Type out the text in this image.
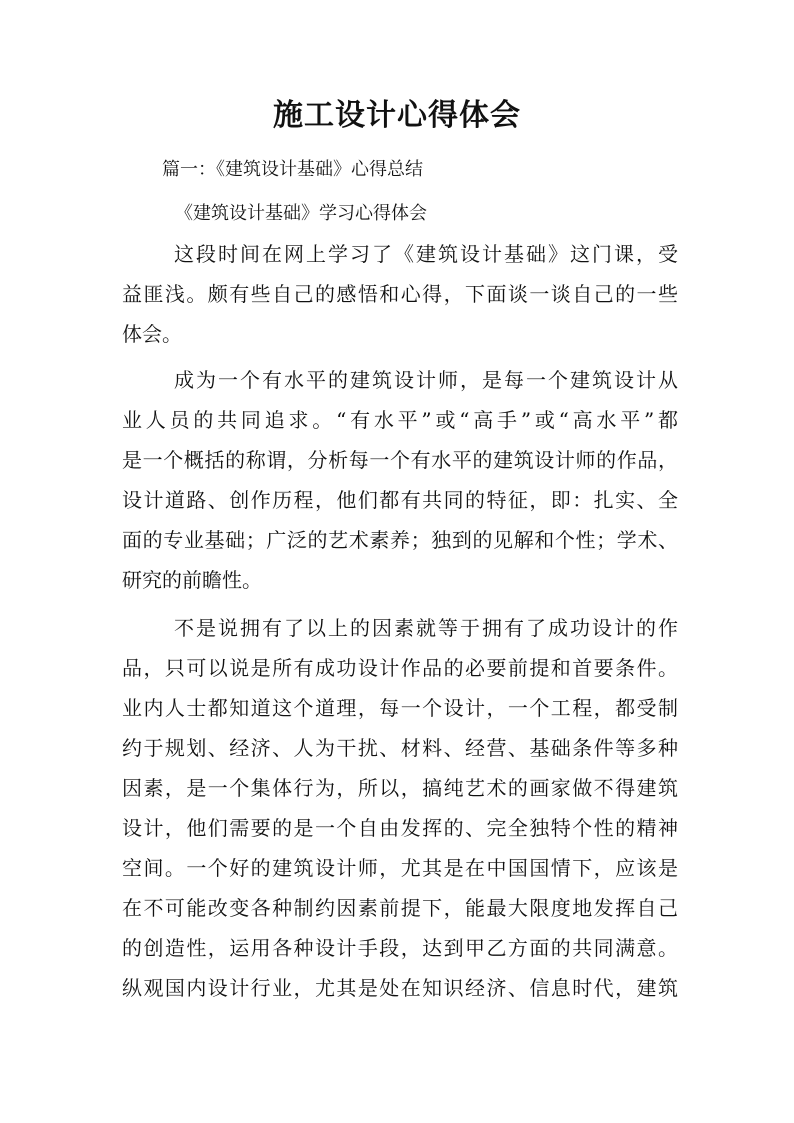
施工设计心得体会
篇一：《建筑设计基础》心得总结
《建筑设计基础》学习心得体会
这段时间在网上学习了《建筑设计基础》这门课，受
益匪浅。颇有些自己的感悟和心得，下面谈一谈自己的一些
体会。
成为一个有水平的建筑设计师，是每一个建筑设计从
业人员的共同追求。“有水平”或“高手”或“高水平”都
是一个概括的称谓，分析每一个有水平的建筑设计师的作品，
设计道路、创作历程，他们都有共同的特征，即：扎实、全
面的专业基础；广泛的艺术素养；独到的见解和个性；学术、
研究的前瞻性。
不是说拥有了以上的因素就等于拥有了成功设计的作
品，只可以说是所有成功设计作品的必要前提和首要条件。
业内人士都知道这个道理，每一个设计，一个工程，都受制
约于规划、经济、人为干扰、材料、经营、基础条件等多种
因素，是一个集体行为，所以，搞纯艺术的画家做不得建筑
设计，他们需要的是一个自由发挥的、完全独特个性的精神
空间。一个好的建筑设计师，尤其是在中国国情下，应该是
在不可能改变各种制约因素前提下，能最大限度地发挥自己
的创造性，运用各种设计手段，达到甲乙方面的共同满意。
纵观国内设计行业，尤其是处在知识经济、信息时代，建筑
